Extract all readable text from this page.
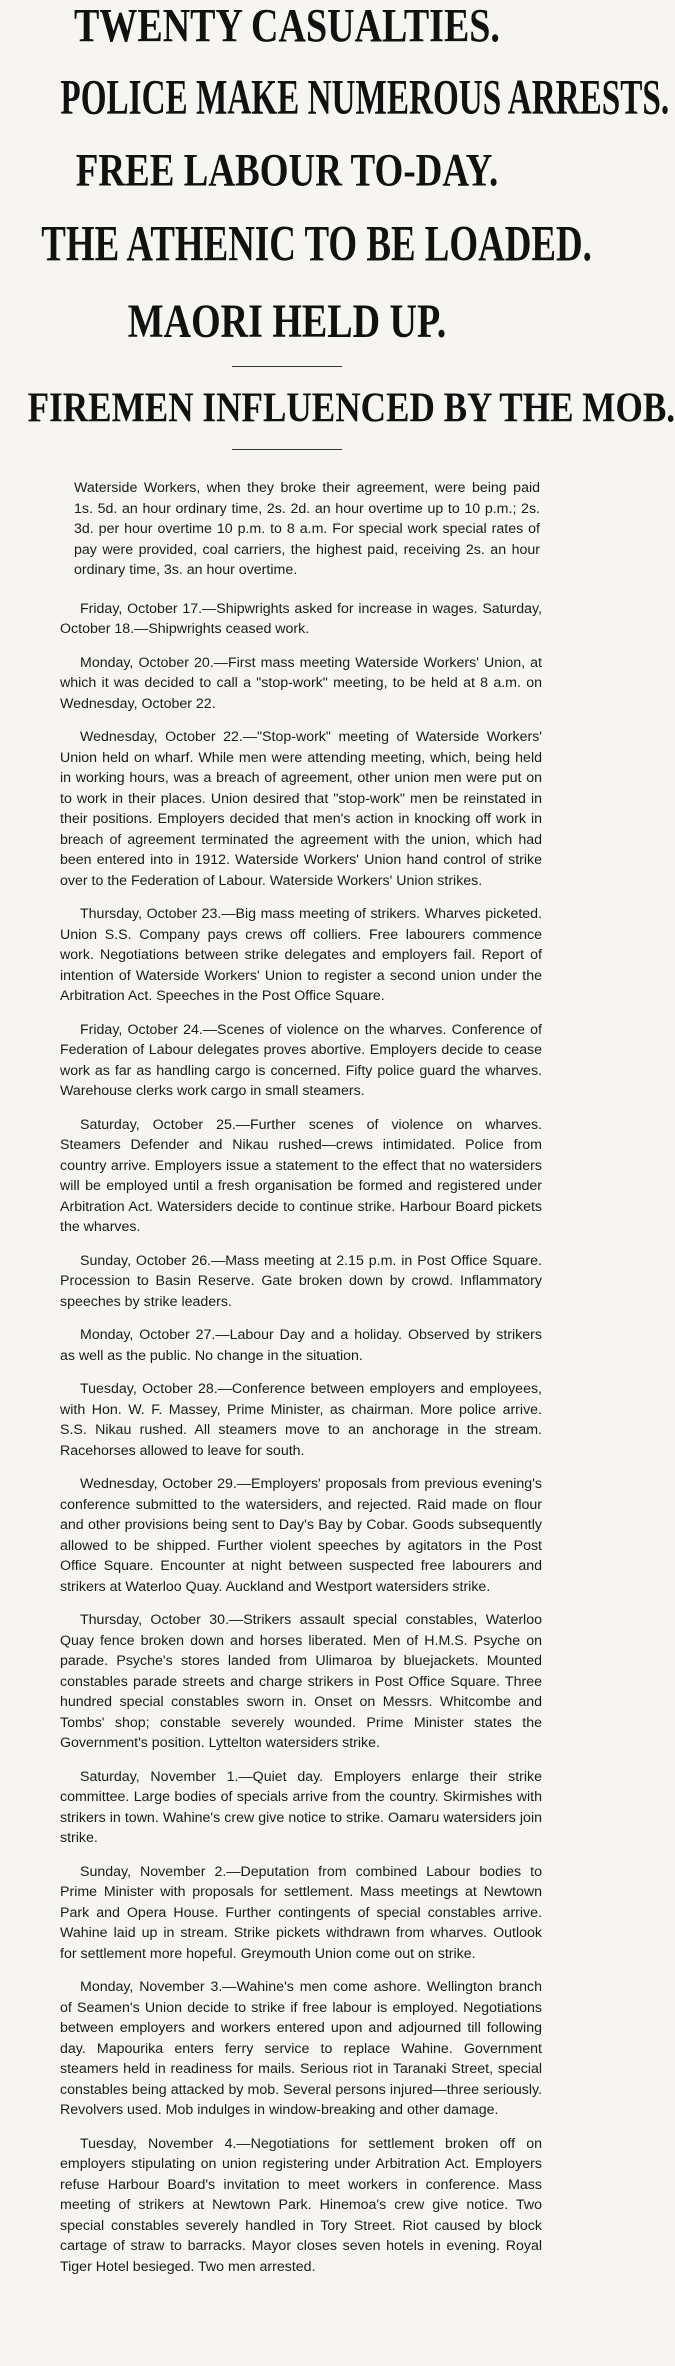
TWENTY CASUALTIES.
POLICE MAKE NUMEROUS ARRESTS.
FREE LABOUR TO-DAY.
THE ATHENIC TO BE LOADED.
MAORI HELD UP.
FIREMEN INFLUENCED BY THE MOB.

Waterside Workers, when they broke their agreement, were being paid 1s. 5d. an hour ordinary time, 2s. 2d. an hour overtime up to 10 p.m.; 2s. 3d. per hour overtime 10 p.m. to 8 a.m. For special work special rates of pay were provided, coal carriers, the highest paid, receiving 2s. an hour ordinary time, 3s. an hour overtime.

Friday, October 17.—Shipwrights asked for increase in wages. Saturday, October 18.—Shipwrights ceased work.

Monday, October 20.—First mass meeting Waterside Workers' Union, at which it was decided to call a "stop-work" meeting, to be held at 8 a.m. on Wednesday, October 22.

Wednesday, October 22.—"Stop-work" meeting of Waterside Workers' Union held on wharf. While men were attending meeting, which, being held in working hours, was a breach of agreement, other union men were put on to work in their places. Union desired that "stop-work" men be reinstated in their positions. Employers decided that men's action in knocking off work in breach of agreement terminated the agreement with the union, which had been entered into in 1912. Waterside Workers' Union hand control of strike over to the Federation of Labour. Waterside Workers' Union strikes.

Thursday, October 23.—Big mass meeting of strikers. Wharves picketed. Union S.S. Company pays crews off colliers. Free labourers commence work. Negotiations between strike delegates and employers fail. Report of intention of Waterside Workers' Union to register a second union under the Arbitration Act. Speeches in the Post Office Square.

Friday, October 24.—Scenes of violence on the wharves. Conference of Federation of Labour delegates proves abortive. Employers decide to cease work as far as handling cargo is concerned. Fifty police guard the wharves. Warehouse clerks work cargo in small steamers.

Saturday, October 25.—Further scenes of violence on wharves. Steamers Defender and Nikau rushed—crews intimidated. Police from country arrive. Employers issue a statement to the effect that no watersiders will be employed until a fresh organisation be formed and registered under Arbitration Act. Watersiders decide to continue strike. Harbour Board pickets the wharves.

Sunday, October 26.—Mass meeting at 2.15 p.m. in Post Office Square. Procession to Basin Reserve. Gate broken down by crowd. Inflammatory speeches by strike leaders.

Monday, October 27.—Labour Day and a holiday. Observed by strikers as well as the public. No change in the situation.

Tuesday, October 28.—Conference between employers and employees, with Hon. W. F. Massey, Prime Minister, as chairman. More police arrive. S.S. Nikau rushed. All steamers move to an anchorage in the stream. Racehorses allowed to leave for south.

Wednesday, October 29.—Employers' proposals from previous evening's conference submitted to the watersiders, and rejected. Raid made on flour and other provisions being sent to Day's Bay by Cobar. Goods subsequently allowed to be shipped. Further violent speeches by agitators in the Post Office Square. Encounter at night between suspected free labourers and strikers at Waterloo Quay. Auckland and Westport watersiders strike.

Thursday, October 30.—Strikers assault special constables, Waterloo Quay fence broken down and horses liberated. Men of H.M.S. Psyche on parade. Psyche's stores landed from Ulimaroa by bluejackets. Mounted constables parade streets and charge strikers in Post Office Square. Three hundred special constables sworn in. Onset on Messrs. Whitcombe and Tombs' shop; constable severely wounded. Prime Minister states the Government's position. Lyttelton watersiders strike.

Saturday, November 1.—Quiet day. Employers enlarge their strike committee. Large bodies of specials arrive from the country. Skirmishes with strikers in town. Wahine's crew give notice to strike. Oamaru watersiders join strike.

Sunday, November 2.—Deputation from combined Labour bodies to Prime Minister with proposals for settlement. Mass meetings at Newtown Park and Opera House. Further contingents of special constables arrive. Wahine laid up in stream. Strike pickets withdrawn from wharves. Outlook for settlement more hopeful. Greymouth Union come out on strike.

Monday, November 3.—Wahine's men come ashore. Wellington branch of Seamen's Union decide to strike if free labour is employed. Negotiations between employers and workers entered upon and adjourned till following day. Mapourika enters ferry service to replace Wahine. Government steamers held in readiness for mails. Serious riot in Taranaki Street, special constables being attacked by mob. Several persons injured—three seriously. Revolvers used. Mob indulges in window-breaking and other damage.

Tuesday, November 4.—Negotiations for settlement broken off on employers stipulating on union registering under Arbitration Act. Employers refuse Harbour Board's invitation to meet workers in conference. Mass meeting of strikers at Newtown Park. Hinemoa's crew give notice. Two special constables severely handled in Tory Street. Riot caused by block cartage of straw to barracks. Mayor closes seven hotels in evening. Royal Tiger Hotel besieged. Two men arrested.
